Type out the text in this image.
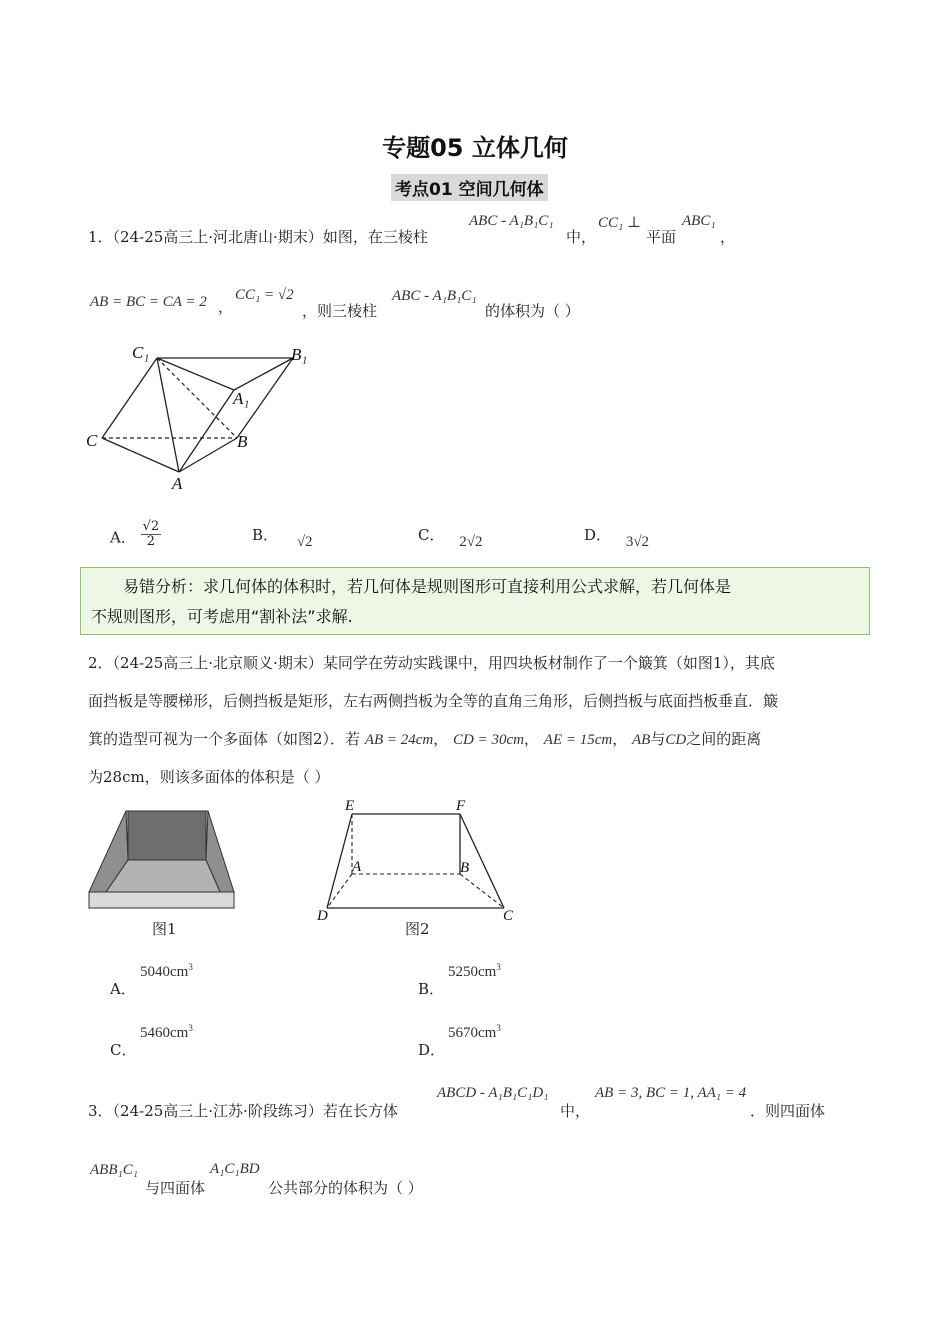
专题05 立体几何
考点01 空间几何体
1．（24-25高三上·河北唐山·期末）如图，在三棱柱
ABC - A₁B₁C₁
中，
CC₁ ⊥
平面
ABC₁
，
AB = BC = CA = 2 ，
CC₁ = √2
，则三棱柱
ABC - A₁B₁C₁
的体积为（ ）
C₁	B₁
A₁
C	B
A
A． $\frac{√2}{2}$	B． √2	C． 2√2	D． 3√2
易错分析：求几何体的体积时，若几何体是规则图形可直接利用公式求解，若几何体是
不规则图形，可考虑用“割补法”求解.
2．（24-25高三上·北京顺义·期末）某同学在劳动实践课中，用四块板材制作了一个簸箕（如图1），其底
面挡板是等腰梯形，后侧挡板是矩形，左右两侧挡板为全等的直角三角形，后侧挡板与底面挡板垂直．簸
箕的造型可视为一个多面体（如图2）．若 AB = 24cm， CD = 30cm， AE = 15cm， AB与CD之间的距离
为28cm，则该多面体的体积是（ ）
图1
E	F
A	B
D	C
图2
A．
$5040cm^3$
B．
$5250cm^3$
C．
$5460cm^3$
D．
$5670cm^3$
3．（24-25高三上·江苏·阶段练习）若在长方体
ABCD - A₁B₁C₁D₁
中，
AB = 3, BC = 1, AA₁ = 4
．则四面体
ABB₁C₁
与四面体
A₁C₁BD
公共部分的体积为（ ）
